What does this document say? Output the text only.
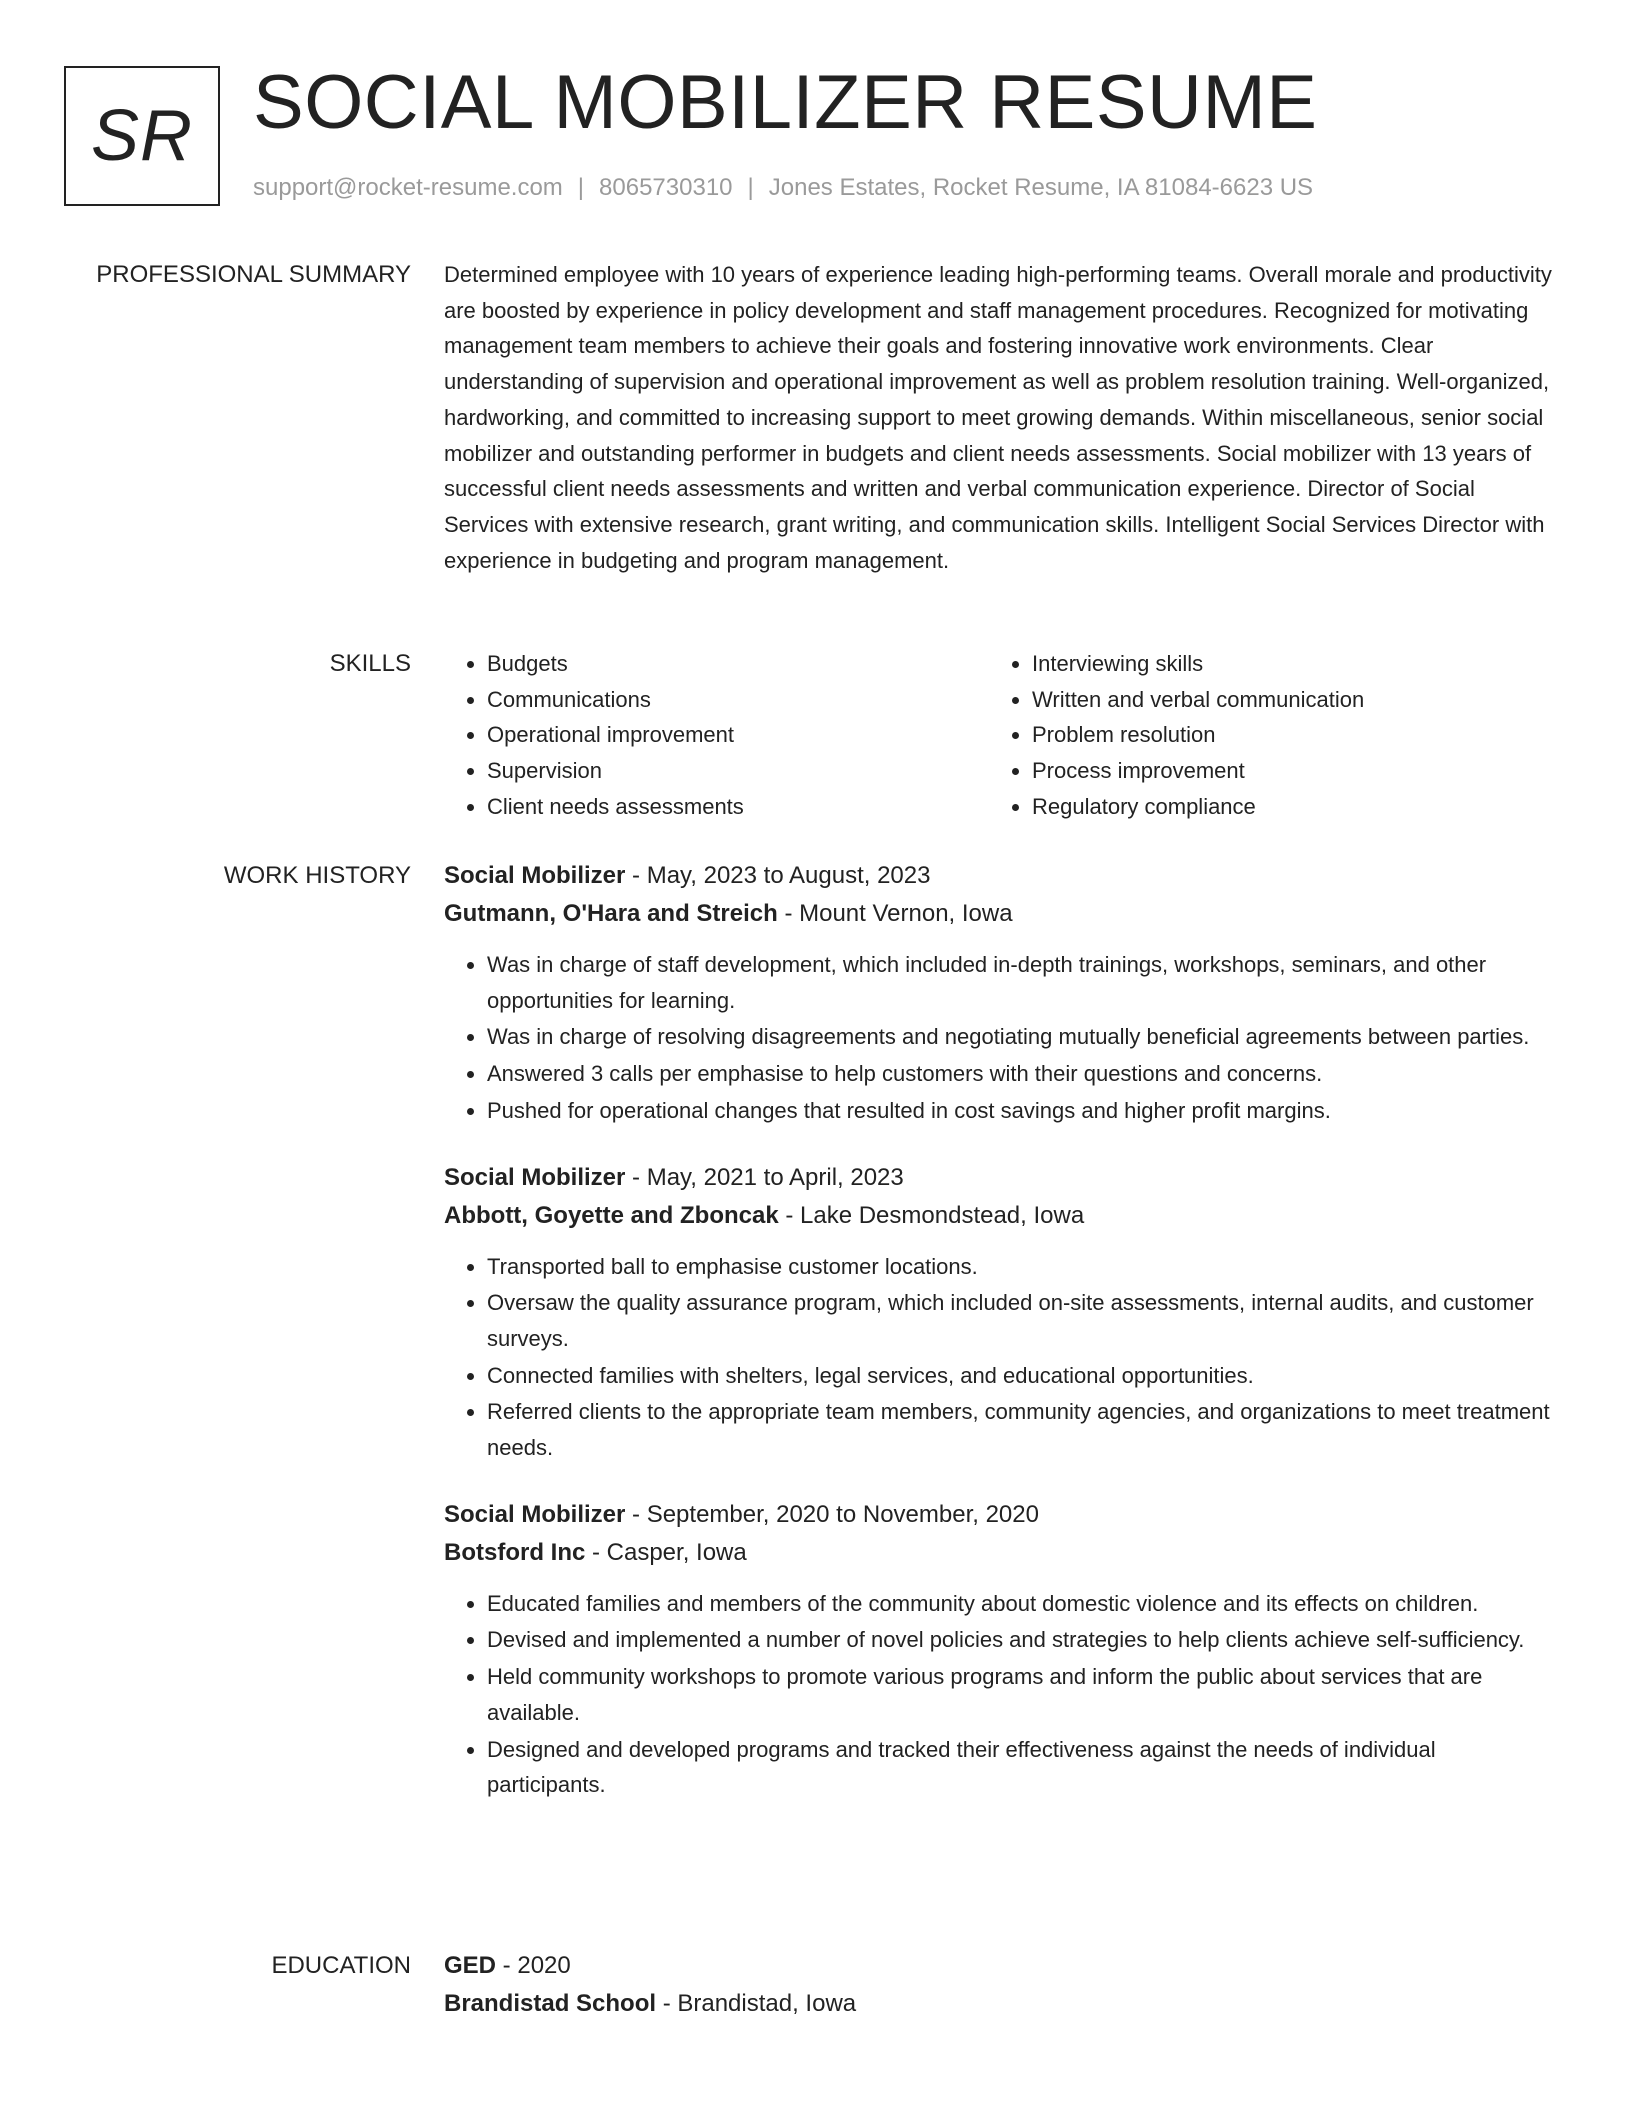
SR SOCIAL MOBILIZER RESUME
support@rocket-resume.com | 8065730310 | Jones Estates, Rocket Resume, IA 81084-6623 US
PROFESSIONAL SUMMARY Determined employee with 10 years of experience leading high-performing teams. Overall morale and productivity are boosted by experience in policy development and staff management procedures. Recognized for motivating management team members to achieve their goals and fostering innovative work environments. Clear understanding of supervision and operational improvement as well as problem resolution training. Well-organized, hardworking, and committed to increasing support to meet growing demands. Within miscellaneous, senior social mobilizer and outstanding performer in budgets and client needs assessments. Social mobilizer with 13 years of successful client needs assessments and written and verbal communication experience. Director of Social Services with extensive research, grant writing, and communication skills. Intelligent Social Services Director with experience in budgeting and program management.

SKILLS
•	Budgets
• Communications
• Operational improvement
• Supervision
• Client needs assessments
• Interviewing skills
• Written and verbal communication
• Problem resolution
• Process improvement
• Regulatory compliance
WORK HISTORY Social Mobilizer - May, 2023 to August, 2023
Gutmann, O'Hara and Streich - Mount Vernon, Iowa
• Was in charge of staff development, which included in-depth trainings, workshops, seminars, and other opportunities for learning.
• Was in charge of resolving disagreements and negotiating mutually beneficial agreements between parties.
• Answered 3 calls per emphasise to help customers with their questions and concerns.
• Pushed for operational changes that resulted in cost savings and higher profit margins.
Social Mobilizer - May, 2021 to April, 2023
Abbott, Goyette and Zboncak - Lake Desmondstead, Iowa
• Transported ball to emphasise customer locations.
• Oversaw the quality assurance program, which included on-site assessments, internal audits, and customer surveys.
• Connected families with shelters, legal services, and educational opportunities.
• Referred clients to the appropriate team members, community agencies, and organizations to meet treatment needs.
Social Mobilizer - September, 2020 to November, 2020
Botsford Inc - Casper, Iowa
• Educated families and members of the community about domestic violence and its effects on children.
• Devised and implemented a number of novel policies and strategies to help clients achieve self-sufficiency.
• Held community workshops to promote various programs and inform the public about services that are available.
• Designed and developed programs and tracked their effectiveness against the needs of individual participants.
EDUCATION GED - 2020
Brandistad School - Brandistad, Iowa
